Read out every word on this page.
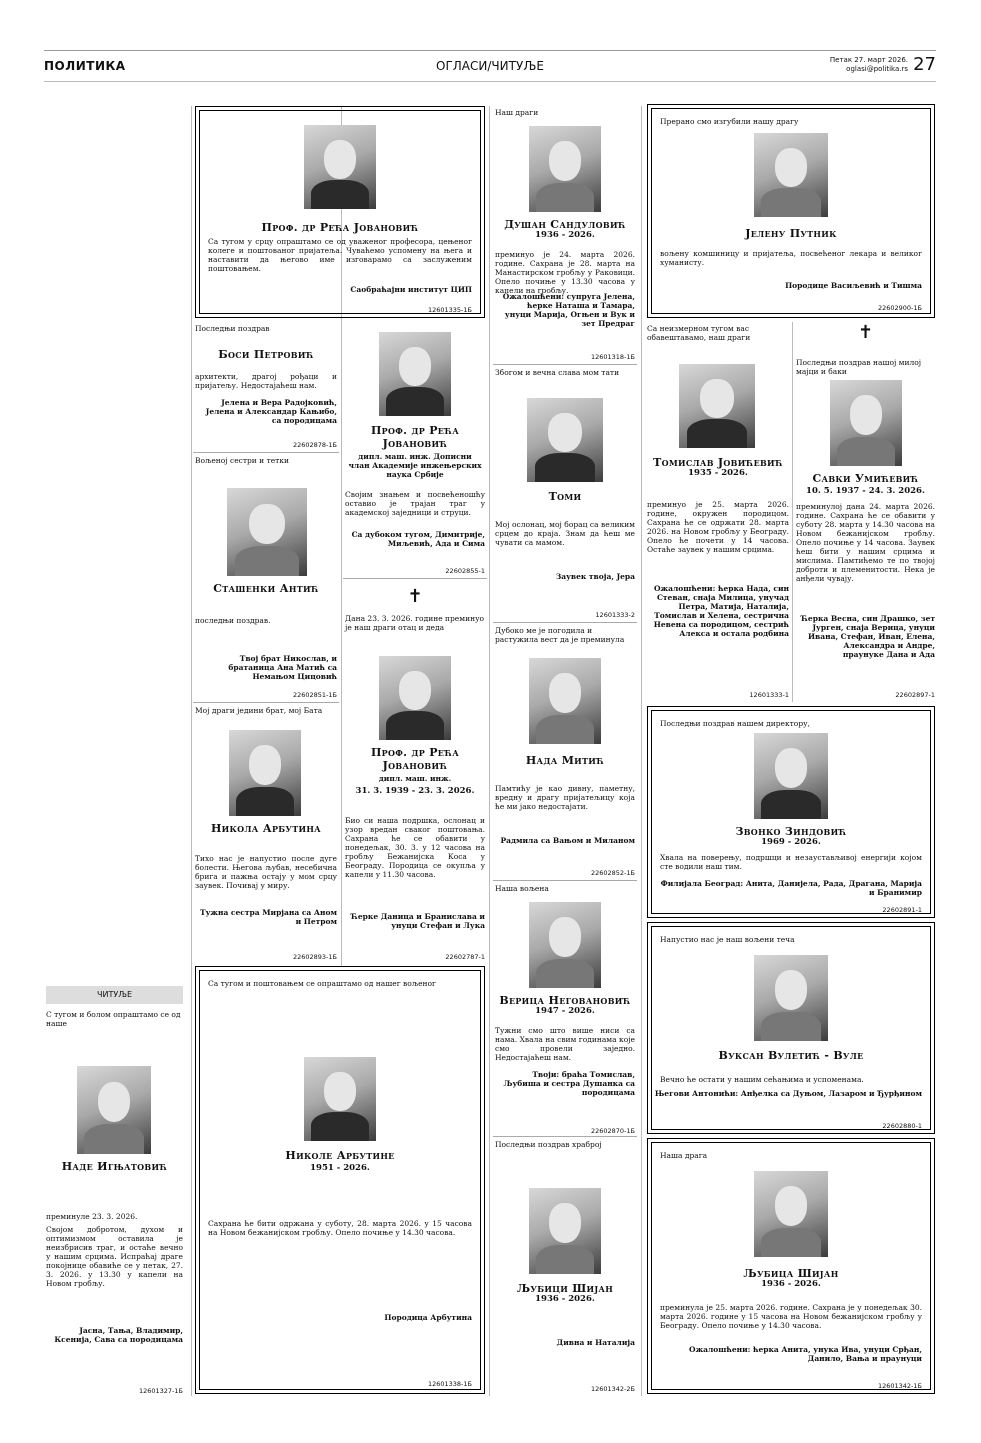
ПОЛИТИКА	ОГЛАСИ/ЧИТУЉЕ	Петак 27. март 2026.
oglasi@politika.rs 27
ЧИТУЉЕ
С тугом и болом опраштамо се од наше
Наде Игњатовић
преминуле 23. 3. 2026.
Својом добротом, духом и оптимизмом оставила је неизбрисив траг, и остаће вечно у нашим срцима. Испраћај драге покојнице обавиће се у петак, 27. 3. 2026. у 13.30 у капели на Новом гробљу.
Јасна, Тања, Владимир, Ксенија, Сава са породицама
12601327-1Б
Проф. др Рећа Јовановић
Са тугом у срцу опраштамо се од уваженог професора, цењеног колеге и поштованог пријатеља. Чуваћемо успомену на њега и наставити да његово име изговарамо са заслуженим поштовањем.
Саобраћајни институт ЦИП
12601335-1Б
Последњи поздрав
Боси Петровић
архитекти, драгој рођаци и пријатељу. Недостајаћеш нам.
Јелена и Вера Радојковић, Јелена и Александар Кањибо, са породицама
22602878-1Б
Вољеној сестри и тетки
Сташенки Антић
последњи поздрав.
Твој брат Никослав, и братаница Ана Матић са Немањом Цицовић
22602851-1Б
Мој драги једини брат, мој Бата
Никола Арбутина
Тихо нас је напустио после дуге болести. Његова љубав, несебична брига и пажња остају у мом срцу заувек. Почивај у миру.
Тужна сестра Мирјана са Аном и Петром
22602893-1Б
Проф. др Рећа Јовановић
дипл. маш. инж. Дописни члан Академије инжењерских наука Србије
Својим знањем и посвећеношћу оставио је трајан траг у академској заједници и струци.
Са дубоком тугом, Димитрије, Миљевић, Ада и Сима
22602855-1
✝
Дана 23. 3. 2026. године преминуо је наш драги отац и деда
Проф. др Рећа Јовановић
дипл. маш. инж.
31. 3. 1939 - 23. 3. 2026.
Био си наша подршка, ослонац и узор вредан сваког поштовања. Сахрана ће се обавити у понедељак, 30. 3. у 12 часова на гробљу Бежанијска Коса у Београду. Породица се окупља у капели у 11.30 часова.
Ћерке Даница и Бранислава и унуци Стефан и Лука
22602787-1
Са тугом и поштовањем се опраштамо од нашег вољеног
Николе Арбутине
1951 - 2026.
Сахрана ће бити одржана у суботу, 28. марта 2026. у 15 часова на Новом бежанијском гробљу. Опело почиње у 14.30 часова.
Породица Арбутина
12601338-1Б
Наш драги
Душан Сандуловић
1936 - 2026.
преминуо је 24. марта 2026. године. Сахрана је 28. марта на Манастирском гробљу у Раковици. Опело почиње у 13.30 часова у капели на гробљу.
Ожалошћени: супруга Јелена, ћерке Наташа и Тамара, унуци Марија, Огњен и Вук и зет Предраг
12601318-1Б
Збогом и вечна слава мом тати
Томи
Мој ослонац, мој борац са великим срцем до краја. Знам да ћеш ме чувати са мамом.
Заувек твоја, Јера
12601333-2
Дубоко ме је погодила и растужила вест да је преминула
Нада Митић
Памтићу је као дивну, паметну, вредну и драгу пријатељицу која ће ми јако недостајати.
Радмила са Вањом и Миланом
22602852-1Б
Наша вољена
Верица Неговановић
1947 - 2026.
Тужни смо што више ниси са нама. Хвала на свим годинама које смо провели заједно. Недостајаћеш нам.
Твоји: браћа Томислав, Љубиша и сестра Душанка са породицама
22602870-1Б
Последњи поздрав храброј
Љубици Шијан
1936 - 2026.
Дивна и Наталија
12601342-2Б
Прерано смо изгубили нашу драгу
Јелену Путник
вољену комшиницу и пријатеља, посвећеног лекара и великог хуманисту.
Породице Васиљевић и Тишма
22602900-1Б
Са неизмерном тугом вас обавештавамо, наш драги
Томислав Јовићевић
1935 - 2026.
преминуо је 25. марта 2026. године, окружен породицом. Сахрана ће се одржати 28. марта 2026. на Новом гробљу у Београду. Опело ће почети у 14 часова. Остаће заувек у нашим срцима.
Ожалошћени: ћерка Нада, син Стеван, снаја Милица, унучад Петра, Матија, Наталија, Томислав и Хелена, сестрична Невена са породицом, сестрић Алекса и остала родбина
12601333-1
✝
Последњи поздрав нашој милој мајци и баки
Савки Умићевић
10. 5. 1937 - 24. 3. 2026.
преминулој дана 24. марта 2026. године. Сахрана ће се обавити у суботу 28. марта у 14.30 часова на Новом бежанијском гробљу. Опело почиње у 14 часова. Заувек ћеш бити у нашим срцима и мислима. Памтићемо те по твојој доброти и племенитости. Нека је анђели чувају.
Ћерка Весна, син Драшко, зет Јурген, снаја Верица, унуци Ивана, Стефан, Иван, Елена, Александра и Андре, праунуке Дана и Ада
22602897-1
Последњи поздрав нашем директору,
Звонко Зиндовић
1969 - 2026.
Хвала на поверењу, подршци и незаустављивој енергији којом сте водили наш тим.
Филијала Београд: Анита, Данијела, Рада, Драгана, Марија и Бранимир
22602891-1
Напустио нас је наш вољени теча
Вуксан Вулетић - Вуле
Вечно ће остати у нашим сећањима и успоменама.
Његови Антонићи: Анђелка са Дуњом, Лазаром и Ђурђином
22602880-1
Наша драга
Љубица Шијан
1936 - 2026.
преминула је 25. марта 2026. године. Сахрана је у понедељак 30. марта 2026. године у 15 часова на Новом бежанијском гробљу у Београду. Опело почиње у 14.30 часова.
Ожалошћени: ћерка Анита, унука Ива, унуци Срђан, Данило, Вања и праунуци
12601342-1Б
